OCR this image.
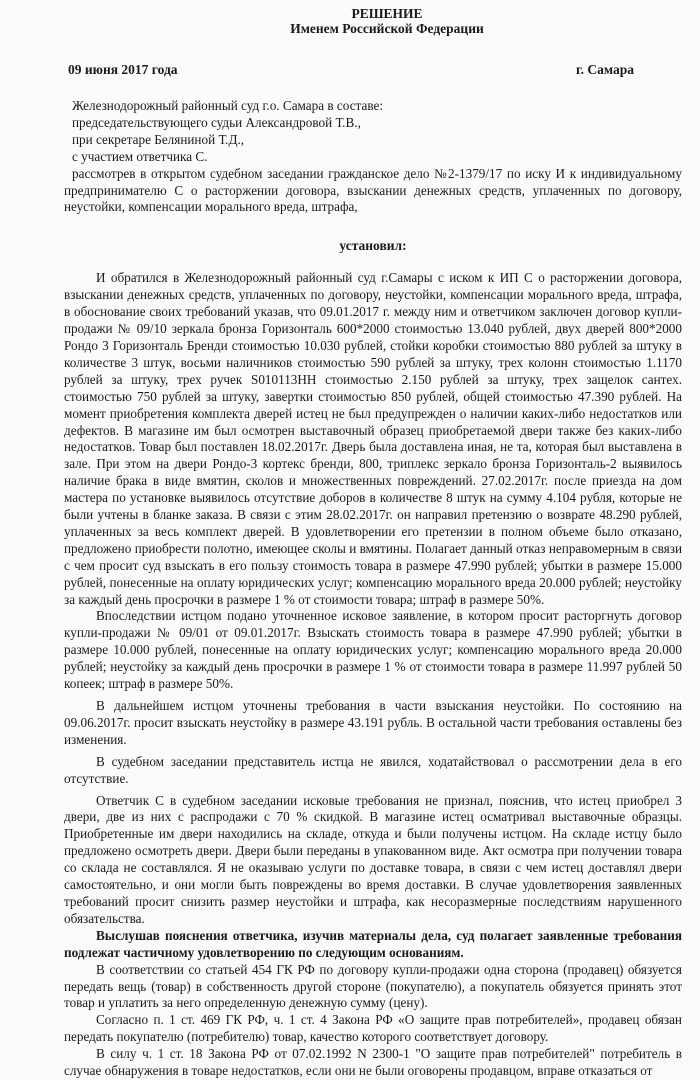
РЕШЕНИЕ
Именем Российской Федерации
09 июня 2017 года	г. Самара

Железнодорожный районный суд г.о. Самара в составе:

председательствующего судьи Александровой Т.В.,

при секретаре Беляниной Т.Д.,

с участием ответчика С.

рассмотрев в открытом судебном заседании гражданское дело №2-1379/17 по иску И к индивидуальному предпринимателю С о расторжении договора, взыскании денежных средств, уплаченных по договору, неустойки, компенсации морального вреда, штрафа,

установил:

И обратился в Железнодорожный районный суд г.Самары с иском к ИП С о расторжении договора, взыскании денежных средств, уплаченных по договору, неустойки, компенсации морального вреда, штрафа, в обоснование своих требований указав, что 09.01.2017 г. между ним и ответчиком заключен договор купли-продажи № 09/10 зеркала бронза Горизонталь 600*2000 стоимостью 13.040 рублей, двух дверей 800*2000 Рондо 3 Горизонталь Бренди стоимостью 10.030 рублей, стойки коробки стоимостью 880 рублей за штуку в количестве 3 штук, восьми наличников стоимостью 590 рублей за штуку, трех колонн стоимостью 1.1170 рублей за штуку, трех ручек S010113НН стоимостью 2.150 рублей за штуку, трех защелок сантех. стоимостью 750 рублей за штуку, завертки стоимостью 850 рублей, общей стоимостью 47.390 рублей. На момент приобретения комплекта дверей истец не был предупрежден о наличии каких-либо недостатков или дефектов. В магазине им был осмотрен выставочный образец приобретаемой двери также без каких-либо недостатков. Товар был поставлен 18.02.2017г. Дверь была доставлена иная, не та, которая был выставлена в зале. При этом на двери Рондо-3 кортекс бренди, 800, триплекс зеркало бронза Горизонталь-2 выявилось наличие брака в виде вмятин, сколов и множественных повреждений. 27.02.2017г. после приезда на дом мастера по установке выявилось отсутствие доборов в количестве 8 штук на сумму 4.104 рубля, которые не были учтены в бланке заказа. В связи с этим 28.02.2017г. он направил претензию о возврате 48.290 рублей, уплаченных за весь комплект дверей. В удовлетворении его претензии в полном объеме было отказано, предложено приобрести полотно, имеющее сколы и вмятины. Полагает данный отказ неправомерным в связи с чем просит суд взыскать в его пользу стоимость товара в размере 47.990 рублей; убытки в размере 15.000 рублей, понесенные на оплату юридических услуг; компенсацию морального вреда 20.000 рублей; неустойку за каждый день просрочки в размере 1 % от стоимости товара; штраф в размере 50%.

Впоследствии истцом подано уточненное исковое заявление, в котором просит расторгнуть договор купли-продажи № 09/01 от 09.01.2017г. Взыскать стоимость товара в размере 47.990 рублей; убытки в размере 10.000 рублей, понесенные на оплату юридических услуг; компенсацию морального вреда 20.000 рублей; неустойку за каждый день просрочки в размере 1 % от стоимости товара в размере 11.997 рублей 50 копеек; штраф в размере 50%.

В дальнейшем истцом уточнены требования в части взыскания неустойки. По состоянию на 09.06.2017г. просит взыскать неустойку в размере 43.191 рубль. В остальной части требования оставлены без изменения.

В судебном заседании представитель истца не явился, ходатайствовал о рассмотрении дела в его отсутствие.

Ответчик С в судебном заседании исковые требования не признал, пояснив, что истец приобрел 3 двери, две из них с распродажи с 70 % скидкой. В магазине истец осматривал выставочные образцы. Приобретенные им двери находились на складе, откуда и были получены истцом. На складе истцу было предложено осмотреть двери. Двери были переданы в упакованном виде. Акт осмотра при получении товара со склада не составлялся. Я не оказываю услуги по доставке товара, в связи с чем истец доставлял двери самостоятельно, и они могли быть повреждены во время доставки. В случае удовлетворения заявленных требований просит снизить размер неустойки и штрафа, как несоразмерные последствиям нарушенного обязательства.

Выслушав пояснения ответчика, изучив материалы дела, суд полагает заявленные требования подлежат частичному удовлетворению по следующим основаниям.

В соответствии со статьей 454 ГК РФ по договору купли-продажи одна сторона (продавец) обязуется передать вещь (товар) в собственность другой стороне (покупателю), а покупатель обязуется принять этот товар и уплатить за него определенную денежную сумму (цену).

Согласно п. 1 ст. 469 ГК РФ, ч. 1 ст. 4 Закона РФ «О защите прав потребителей», продавец обязан передать покупателю (потребителю) товар, качество которого соответствует договору.

В силу ч. 1 ст. 18 Закона РФ от 07.02.1992 N 2300-1 "О защите прав потребителей" потребитель в случае обнаружения в товаре недостатков, если они не были оговорены продавцом, вправе отказаться от
